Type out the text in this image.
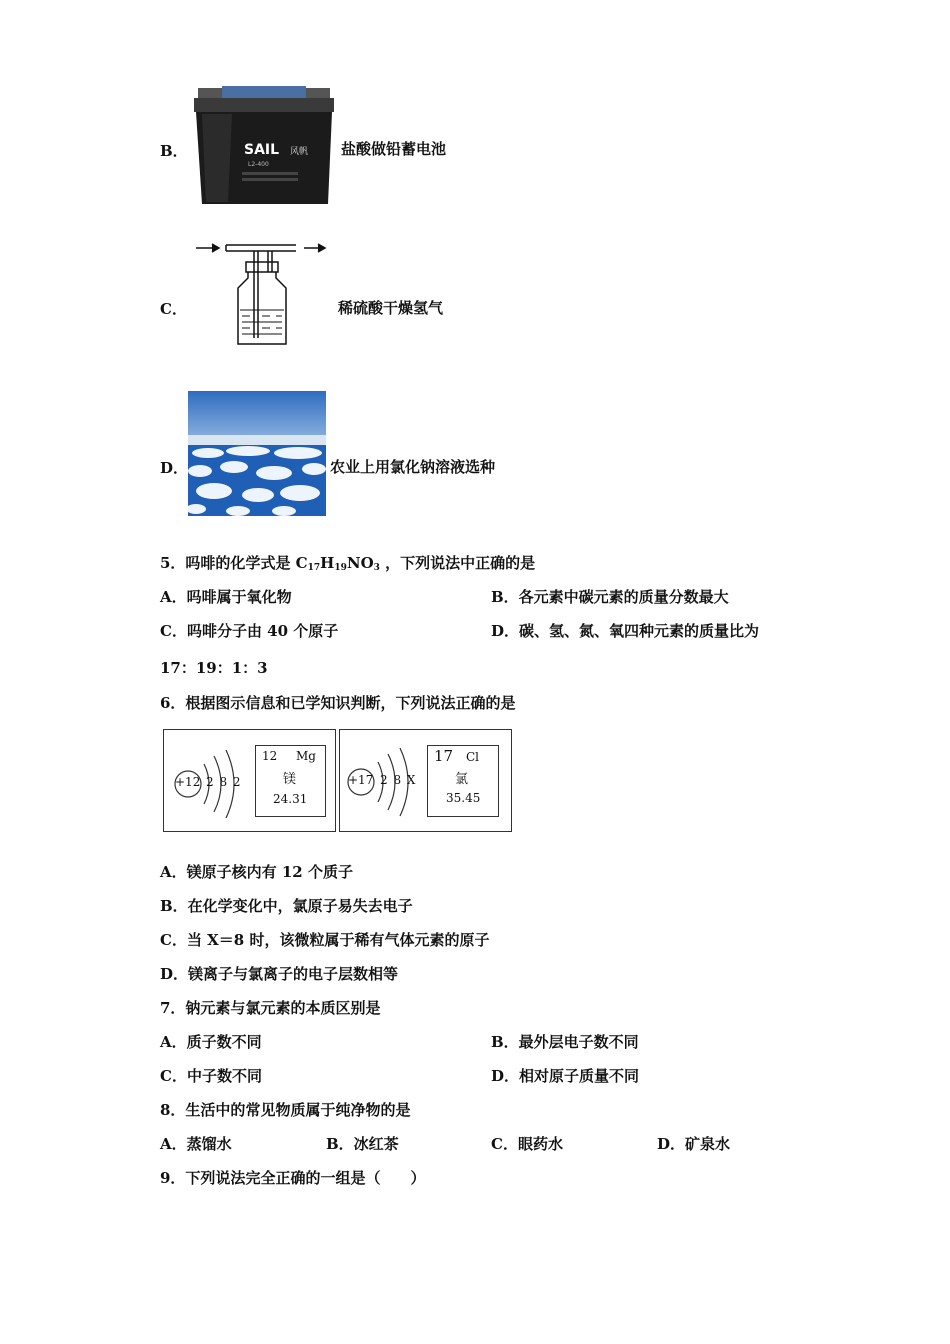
B．	SAIL 风帆
L2-400
盐酸做铅蓄电池
C．	稀硫酸干燥氢气
D．	农业上用氯化钠溶液选种
5．吗啡的化学式是 $C_{17}H_{19}NO_3$ ，下列说法中正确的是
A．吗啡属于氧化物	B．各元素中碳元素的质量分数最大
C．吗啡分子由 40 个原子	D．碳、氢、氮、氧四种元素的质量比为
17：19：1：3
6．根据图示信息和已学知识判断，下列说法正确的是
+12 2 8 2
12 Mg
镁
24.31
+17 2 8 X
17 Cl
氯
35.45
A．镁原子核内有 12 个质子
B．在化学变化中，氯原子易失去电子
C．当 X＝8 时，该微粒属于稀有气体元素的原子
D．镁离子与氯离子的电子层数相等
7．钠元素与氯元素的本质区别是
A．质子数不同	B．最外层电子数不同
C．中子数不同	D．相对原子质量不同
8．生活中的常见物质属于纯净物的是
A．蒸馏水	B．冰红茶	C．眼药水	D．矿泉水
9．下列说法完全正确的一组是（　　）
